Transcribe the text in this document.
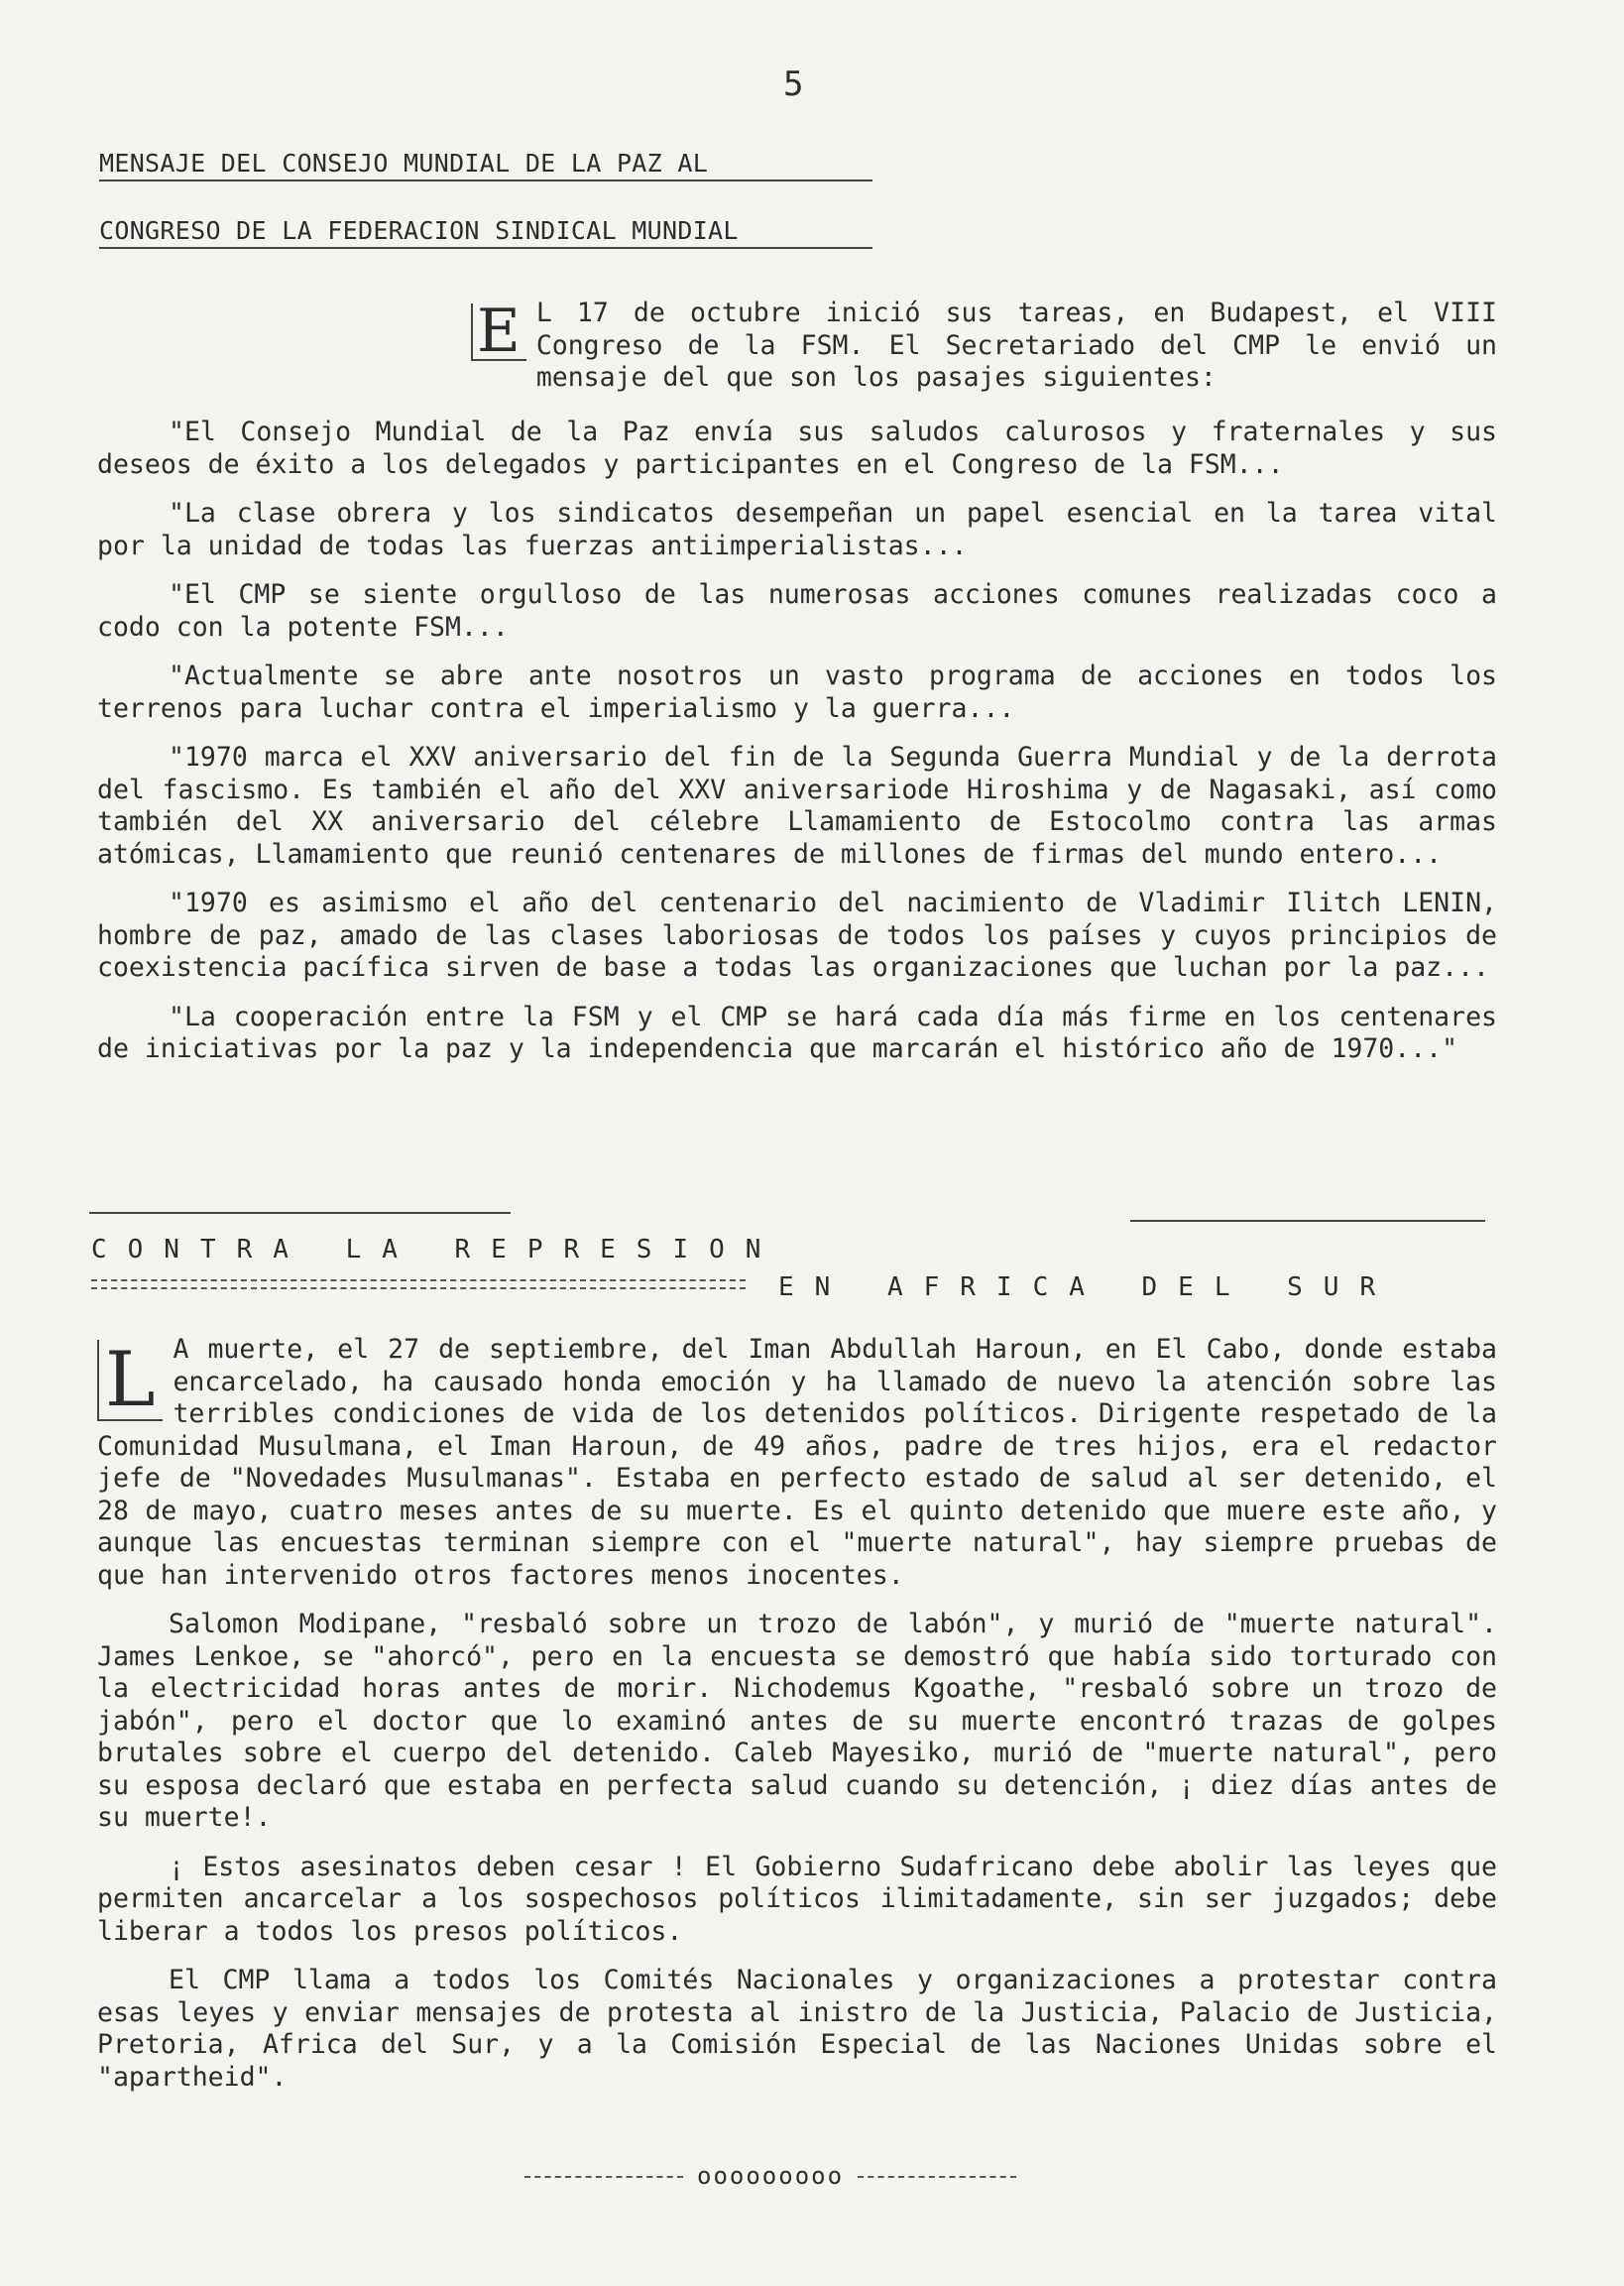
5
MENSAJE DEL CONSEJO MUNDIAL DE LA PAZ AL
CONGRESO DE LA FEDERACION SINDICAL MUNDIAL

E L 17 de octubre inició sus tareas, en Budapest, el VIII Congreso de la FSM. El Secretariado del CMP le envió un mensaje del que son los pasajes siguientes:

"El Consejo Mundial de la Paz envía sus saludos calurosos y fraternales y sus deseos de éxito a los delegados y participantes en el Congreso de la FSM...

"La clase obrera y los sindicatos desempeñan un papel esencial en la tarea vital por la unidad de todas las fuerzas antiimperialistas...

"El CMP se siente orgulloso de las numerosas acciones comunes realizadas coco a codo con la potente FSM...

"Actualmente se abre ante nosotros un vasto programa de acciones en todos los terrenos para luchar contra el imperialismo y la guerra...

"1970 marca el XXV aniversario del fin de la Segunda Guerra Mundial y de la derrota del fascismo. Es también el año del XXV aniversariode Hiroshima y de Nagasaki, así como también del XX aniversario del célebre Llamamiento de Estocolmo contra las armas atómicas, Llamamiento que reunió centenares de millones de firmas del mundo entero...

"1970 es asimismo el año del centenario del nacimiento de Vladimir Ilitch LENIN, hombre de paz, amado de las clases laboriosas de todos los países y cuyos principios de coexistencia pacífica sirven de base a todas las organizaciones que luchan por la paz...

"La cooperación entre la FSM y el CMP se hará cada día más firme en los centenares de iniciativas por la paz y la independencia que marcarán el histórico año de 1970..."

CONTRA LA REPRESION
EN AFRICA DEL SUR

L A muerte, el 27 de septiembre, del Iman Abdullah Haroun, en El Cabo, donde estaba encarcelado, ha causado honda emoción y ha llamado de nuevo la atención sobre las terribles condiciones de vida de los detenidos políticos. Dirigente respetado de la Comunidad Musulmana, el Iman Haroun, de 49 años, padre de tres hijos, era el redactor jefe de "Novedades Musulmanas". Estaba en perfecto estado de salud al ser detenido, el 28 de mayo, cuatro meses antes de su muerte. Es el quinto detenido que muere este año, y aunque las encuestas terminan siempre con el "muerte natural", hay siempre pruebas de que han intervenido otros factores menos inocentes.

Salomon Modipane, "resbaló sobre un trozo de labón", y murió de "muerte natural". James Lenkoe, se "ahorcó", pero en la encuesta se demostró que había sido torturado con la electricidad horas antes de morir. Nichodemus Kgoathe, "resbaló sobre un trozo de jabón", pero el doctor que lo examinó antes de su muerte encontró trazas de golpes brutales sobre el cuerpo del detenido. Caleb Mayesiko, murió de "muerte natural", pero su esposa declaró que estaba en perfecta salud cuando su detención, ¡ diez días antes de su muerte!.

¡ Estos asesinatos deben cesar ! El Gobierno Sudafricano debe abolir las leyes que permiten ancarcelar a los sospechosos políticos ilimitadamente, sin ser juzgados; debe liberar a todos los presos políticos.

El CMP llama a todos los Comités Nacionales y organizaciones a protestar contra esas leyes y enviar mensajes de protesta al inistro de la Justicia, Palacio de Justicia, Pretoria, Africa del Sur, y a la Comisión Especial de las Naciones Unidas sobre el "apartheid".

ooooooooo
